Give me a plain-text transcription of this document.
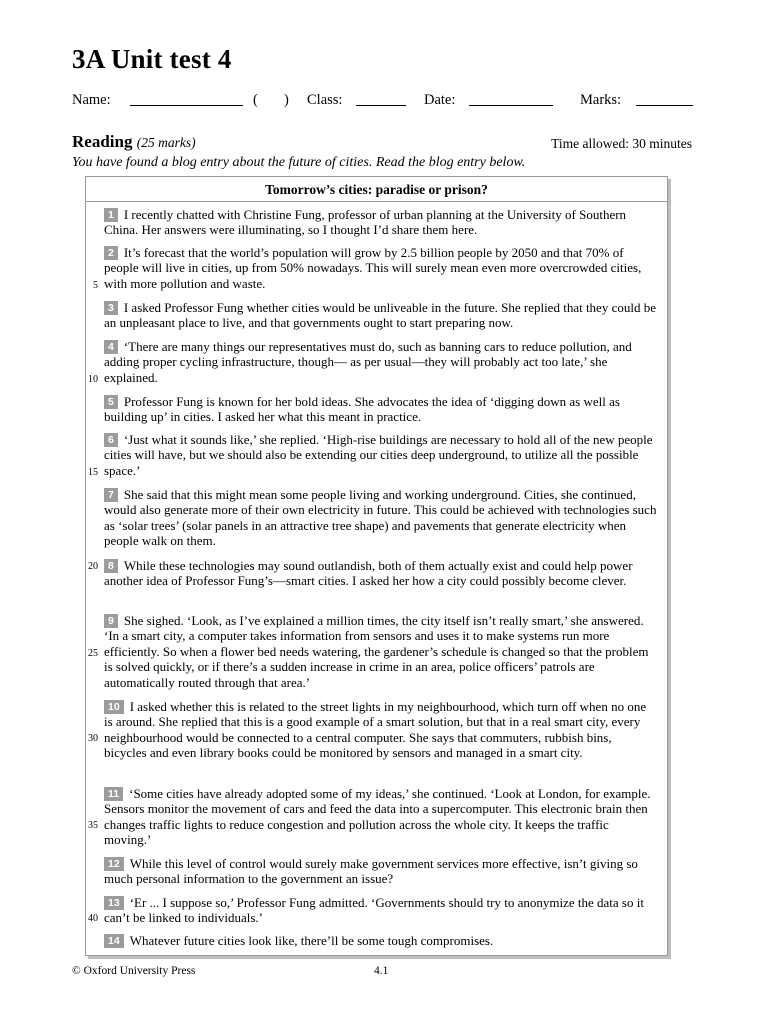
3A Unit test 4
Name:	( ) Class:	Date:	Marks:
Reading (25 marks)	Time allowed: 30 minutes
You have found a blog entry about the future of cities. Read the blog entry below.
Tomorrow’s cities: paradise or prison?
1 I recently chatted with Christine Fung, professor of urban planning at the University of Southern China. Her answers were illuminating, so I thought I’d share them here.
2 It’s forecast that the world’s population will grow by 2.5 billion people by 2050 and that 70% of people will live in cities, up from 50% nowadays. This will surely mean even more overcrowded cities, with more pollution and waste.
3 I asked Professor Fung whether cities would be unliveable in the future. She replied that they could be an unpleasant place to live, and that governments ought to start preparing now.
4 ‘There are many things our representatives must do, such as banning cars to reduce pollution, and adding proper cycling infrastructure, though— as per usual—they will probably act too late,’ she explained.
5 Professor Fung is known for her bold ideas. She advocates the idea of ‘digging down as well as building up’ in cities. I asked her what this meant in practice.
6 ‘Just what it sounds like,’ she replied. ‘High-rise buildings are necessary to hold all of the new people cities will have, but we should also be extending our cities deep underground, to utilize all the possible space.’
7 She said that this might mean some people living and working underground. Cities, she continued, would also generate more of their own electricity in future. This could be achieved with technologies such as ‘solar trees’ (solar panels in an attractive tree shape) and pavements that generate electricity when people walk on them.
8 While these technologies may sound outlandish, both of them actually exist and could help power another idea of Professor Fung’s—smart cities. I asked her how a city could possibly become clever.
9 She sighed. ‘Look, as I’ve explained a million times, the city itself isn’t really smart,’ she answered. ‘In a smart city, a computer takes information from sensors and uses it to make systems run more efficiently. So when a flower bed needs watering, the gardener’s schedule is changed so that the problem is solved quickly, or if there’s a sudden increase in crime in an area, police officers’ patrols are automatically routed through that area.’
10 I asked whether this is related to the street lights in my neighbourhood, which turn off when no one is around. She replied that this is a good example of a smart solution, but that in a real smart city, every neighbourhood would be connected to a central computer. She says that commuters, rubbish bins, bicycles and even library books could be monitored by sensors and managed in a smart city.
11 ‘Some cities have already adopted some of my ideas,’ she continued. ‘Look at London, for example. Sensors monitor the movement of cars and feed the data into a supercomputer. This electronic brain then changes traffic lights to reduce congestion and pollution across the whole city. It keeps the traffic moving.’
12 While this level of control would surely make government services more effective, isn’t giving so much personal information to the government an issue?
13 ‘Er ... I suppose so,’ Professor Fung admitted. ‘Governments should try to anonymize the data so it can’t be linked to individuals.’
14 Whatever future cities look like, there’ll be some tough compromises.
5
10
15
20
25
30
35
40
© Oxford University Press	4.1
